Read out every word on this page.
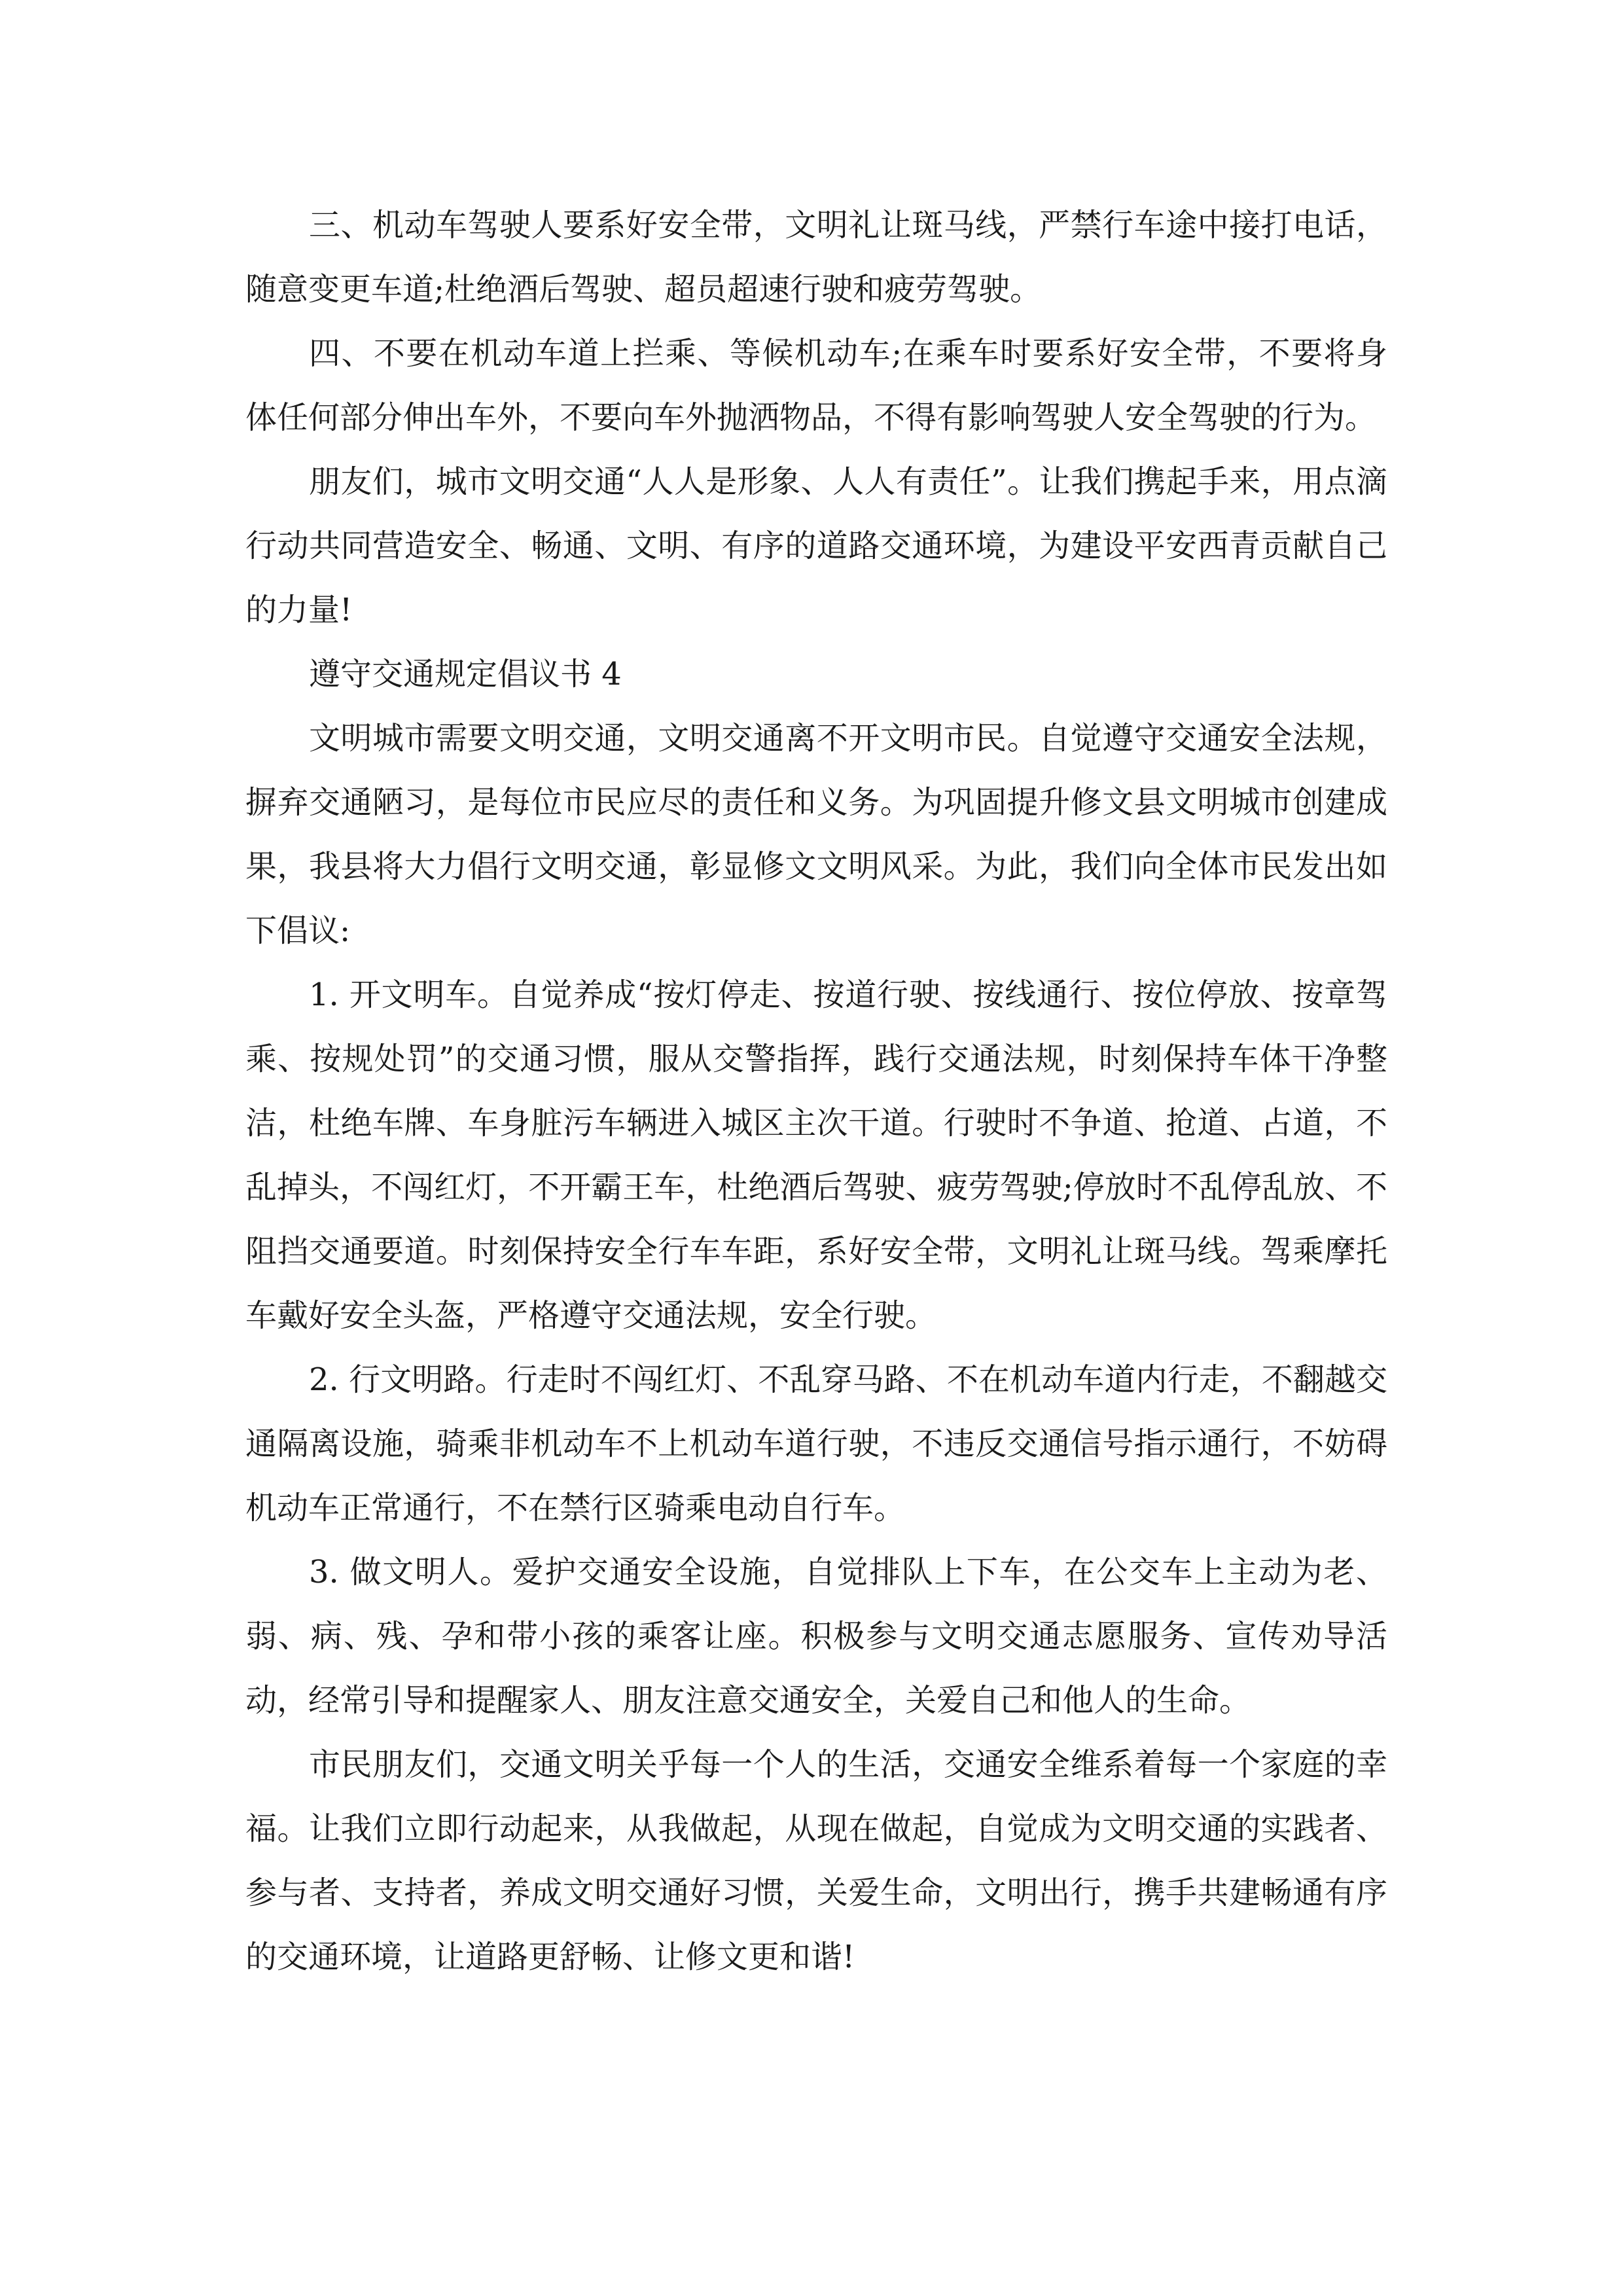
三、机动车驾驶人要系好安全带，文明礼让斑马线，严禁行车途中接打电话，随意变更车道;杜绝酒后驾驶、超员超速行驶和疲劳驾驶。

四、不要在机动车道上拦乘、等候机动车;在乘车时要系好安全带，不要将身体任何部分伸出车外，不要向车外抛洒物品，不得有影响驾驶人安全驾驶的行为。

朋友们，城市文明交通“人人是形象、人人有责任”。让我们携起手来，用点滴行动共同营造安全、畅通、文明、有序的道路交通环境，为建设平安西青贡献自己的力量!

遵守交通规定倡议书 4

文明城市需要文明交通，文明交通离不开文明市民。自觉遵守交通安全法规，摒弃交通陋习，是每位市民应尽的责任和义务。为巩固提升修文县文明城市创建成果，我县将大力倡行文明交通，彰显修文文明风采。为此，我们向全体市民发出如下倡议:

1. 开文明车。自觉养成“按灯停走、按道行驶、按线通行、按位停放、按章驾乘、按规处罚”的交通习惯，服从交警指挥，践行交通法规，时刻保持车体干净整洁，杜绝车牌、车身脏污车辆进入城区主次干道。行驶时不争道、抢道、占道，不乱掉头，不闯红灯，不开霸王车，杜绝酒后驾驶、疲劳驾驶;停放时不乱停乱放、不阻挡交通要道。时刻保持安全行车车距，系好安全带，文明礼让斑马线。驾乘摩托车戴好安全头盔，严格遵守交通法规，安全行驶。

2. 行文明路。行走时不闯红灯、不乱穿马路、不在机动车道内行走，不翻越交通隔离设施，骑乘非机动车不上机动车道行驶，不违反交通信号指示通行，不妨碍机动车正常通行，不在禁行区骑乘电动自行车。

3. 做文明人。爱护交通安全设施，自觉排队上下车，在公交车上主动为老、弱、病、残、孕和带小孩的乘客让座。积极参与文明交通志愿服务、宣传劝导活动，经常引导和提醒家人、朋友注意交通安全，关爱自己和他人的生命。

市民朋友们，交通文明关乎每一个人的生活，交通安全维系着每一个家庭的幸福。让我们立即行动起来，从我做起，从现在做起，自觉成为文明交通的实践者、参与者、支持者，养成文明交通好习惯，关爱生命，文明出行，携手共建畅通有序的交通环境，让道路更舒畅、让修文更和谐!
